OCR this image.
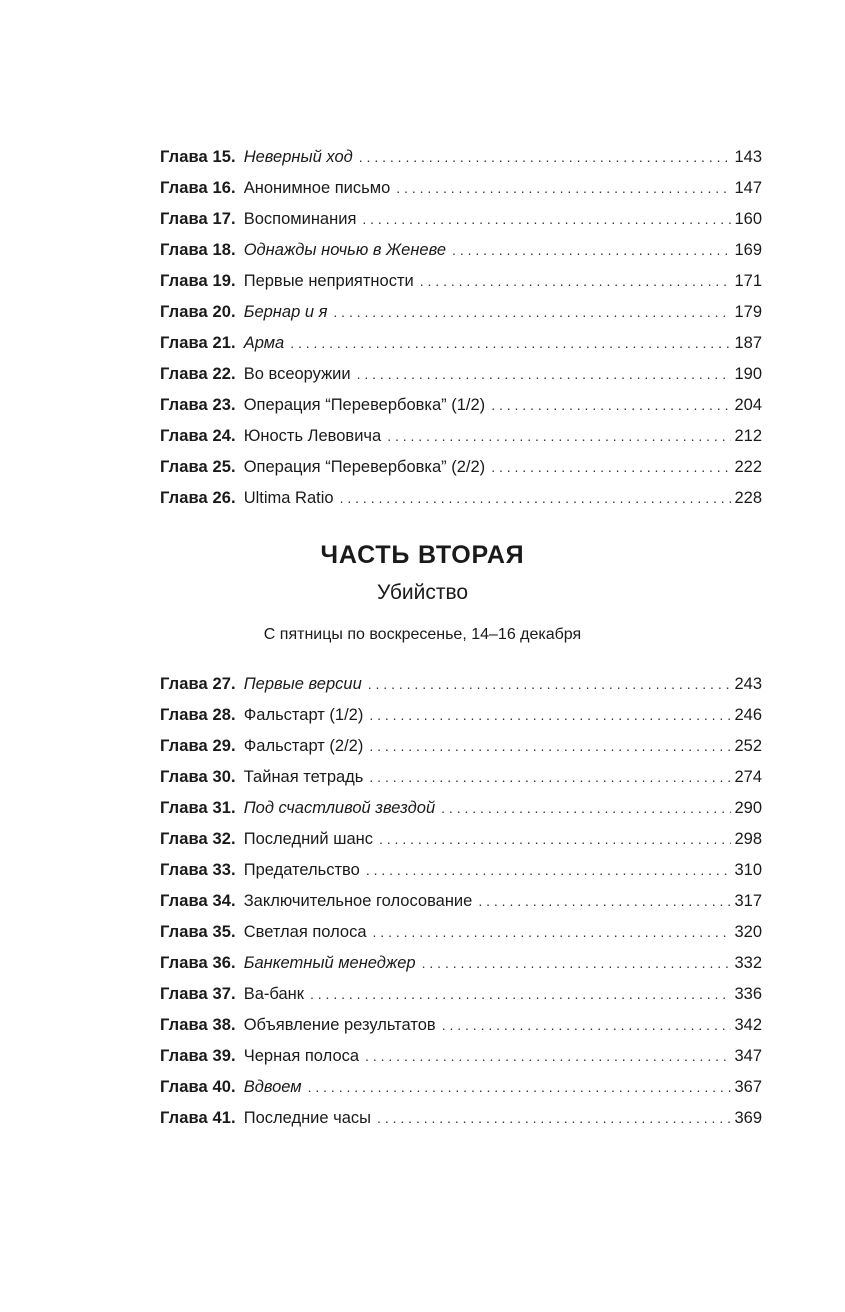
Глава 15. Неверный ход . . .	143
Глава 16. Анонимное письмо . . .	147
Глава 17. Воспоминания . . .	160
Глава 18. Однажды ночью в Женеве . . .	169
Глава 19. Первые неприятности . . .	171
Глава 20. Бернар и я . . .	179
Глава 21. Арма . . .	187
Глава 22. Во всеоружии . . .	190
Глава 23. Операция “Перевербовка” (1/2) . . .	204
Глава 24. Юность Левовича . . .	212
Глава 25. Операция “Перевербовка” (2/2) . . .	222
Глава 26. Ultima Ratio . . .	228
ЧАСТЬ ВТОРАЯ

Убийство

С пятницы по воскресенье, 14–16 декабря

Глава 27. Первые версии . . .	243
Глава 28. Фальстарт (1/2) . . .	246
Глава 29. Фальстарт (2/2) . . .	252
Глава 30. Тайная тетрадь . . .	274
Глава 31. Под счастливой звездой . . .	290
Глава 32. Последний шанс . . .	298
Глава 33. Предательство . . .	310
Глава 34. Заключительное голосование . . .	317
Глава 35. Светлая полоса . . .	320
Глава 36. Банкетный менеджер . . .	332
Глава 37. Ва-банк . . .	336
Глава 38. Объявление результатов . . .	342
Глава 39. Черная полоса . . .	347
Глава 40. Вдвоем . . .	367
Глава 41. Последние часы . . .	369
